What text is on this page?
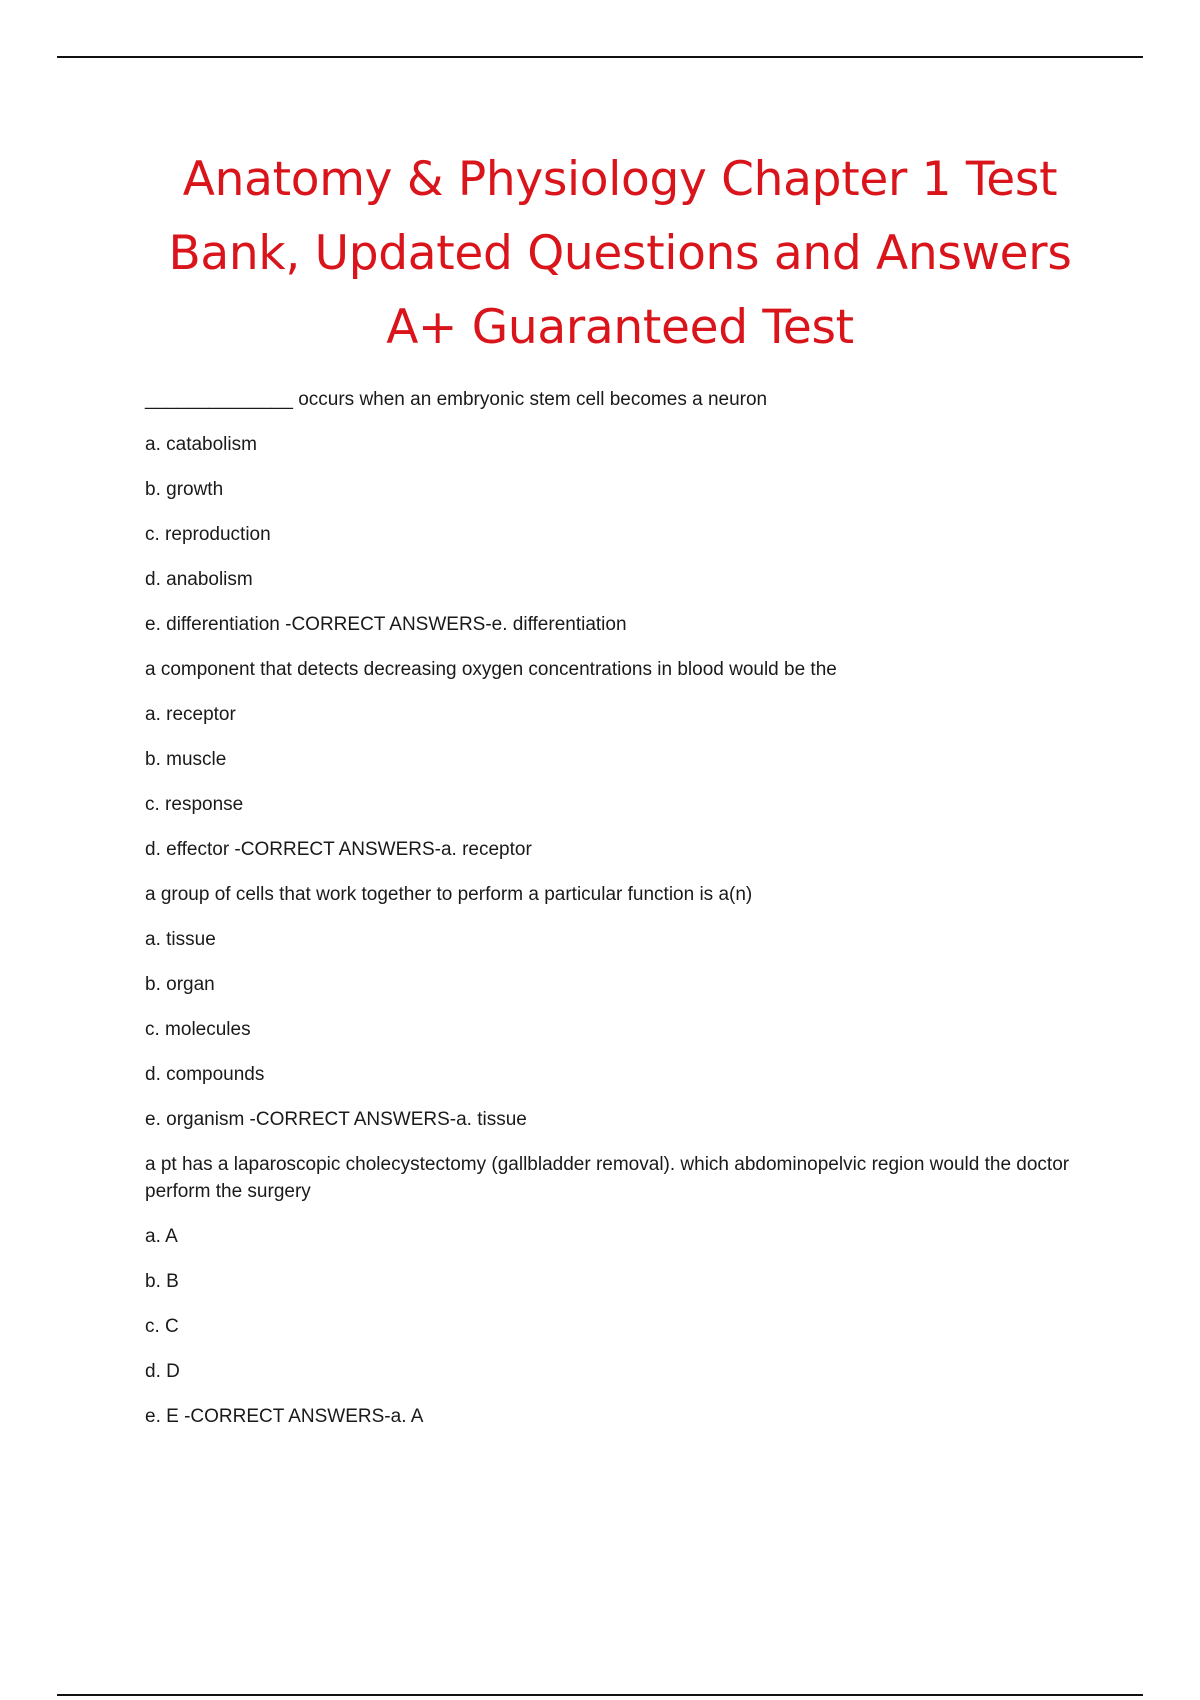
Anatomy & Physiology Chapter 1 Test Bank, Updated Questions and Answers A+ Guaranteed Test

______________ occurs when an embryonic stem cell becomes a neuron

a. catabolism

b. growth

c. reproduction

d. anabolism

e. differentiation -CORRECT ANSWERS-e. differentiation

a component that detects decreasing oxygen concentrations in blood would be the

a. receptor

b. muscle

c. response

d. effector -CORRECT ANSWERS-a. receptor

a group of cells that work together to perform a particular function is a(n)

a. tissue

b. organ

c. molecules

d. compounds

e. organism -CORRECT ANSWERS-a. tissue

a pt has a laparoscopic cholecystectomy (gallbladder removal). which abdominopelvic region would the doctor perform the surgery

a. A

b. B

c. C

d. D

e. E -CORRECT ANSWERS-a. A
